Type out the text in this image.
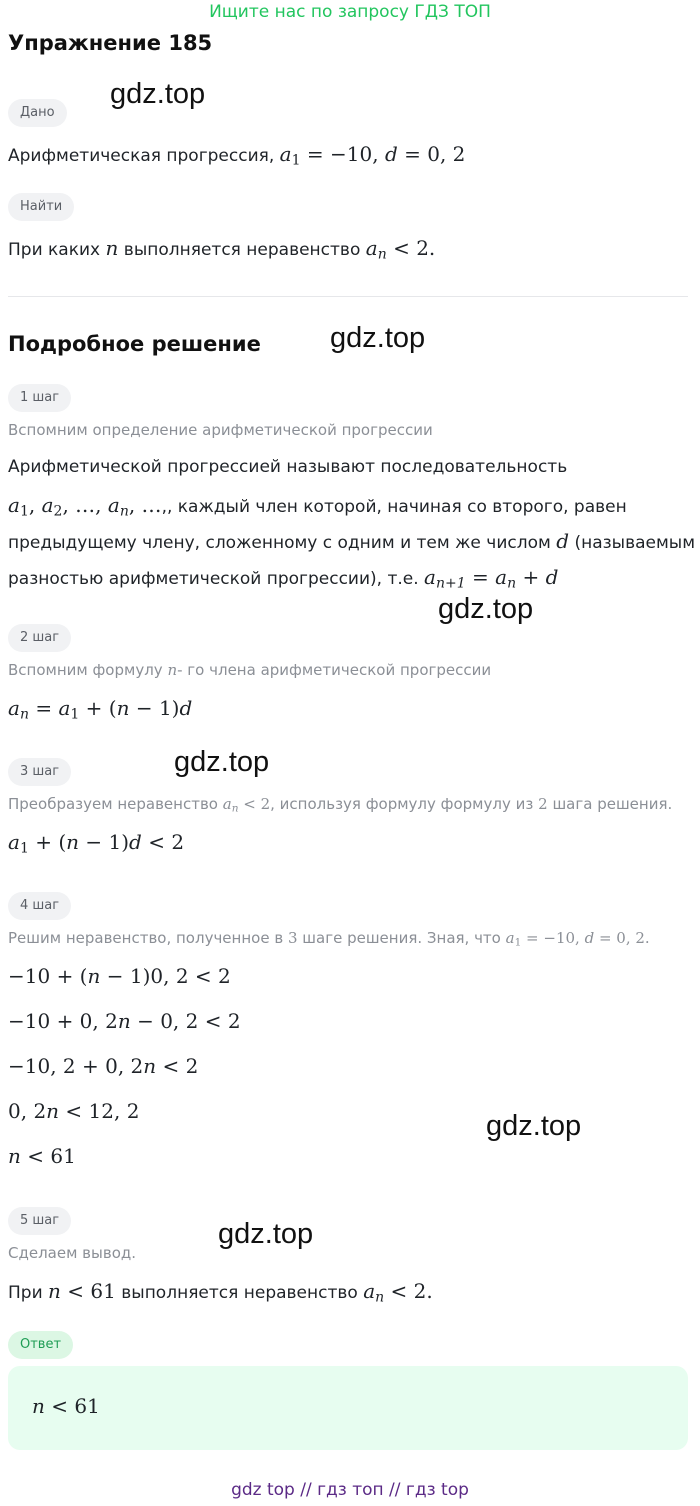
Ищите нас по запросу ГДЗ ТОП
Упражнение 185
gdz.top
gdz.top
gdz.top
gdz.top
gdz.top
gdz.top
Дано
Арифметическая прогрессия, $a_1 = -10$, d = 0, 2
Найти
При каких n выполняется неравенство $a_n < 2$.
Подробное решение
1 шаг
Вспомним определение арифметической прогрессии
Арифметической прогрессией называют последовательность
$a_1$, $a_2$, …, $a_n$, …,, каждый член которой, начиная со второго, равен
предыдущему члену, сложенному с одним и тем же числом d (называемым
разностью арифметической прогрессии), т.е. $a_{n+1} = a_n + d$
2 шаг
Вспомним формулу n- го члена арифметической прогрессии
$a_n = a_1 + (n - 1)d$
3 шаг
Преобразуем неравенство $a_n < 2$, используя формулу формулу из 2 шага решения.
$a_1 + (n - 1)d < 2$
4 шаг
Решим неравенство, полученное в 3 шаге решения. Зная, что $a_1 = -10$, d = 0, 2.
−10 + (n − 1)0, 2 < 2
−10 + 0, 2n − 0, 2 < 2
−10, 2 + 0, 2n < 2
0, 2n < 12, 2
n < 61
5 шаг
Сделаем вывод.
При n < 61 выполняется неравенство $a_n < 2$.
Ответ
n < 61
gdz top // гдз топ // гдз top
